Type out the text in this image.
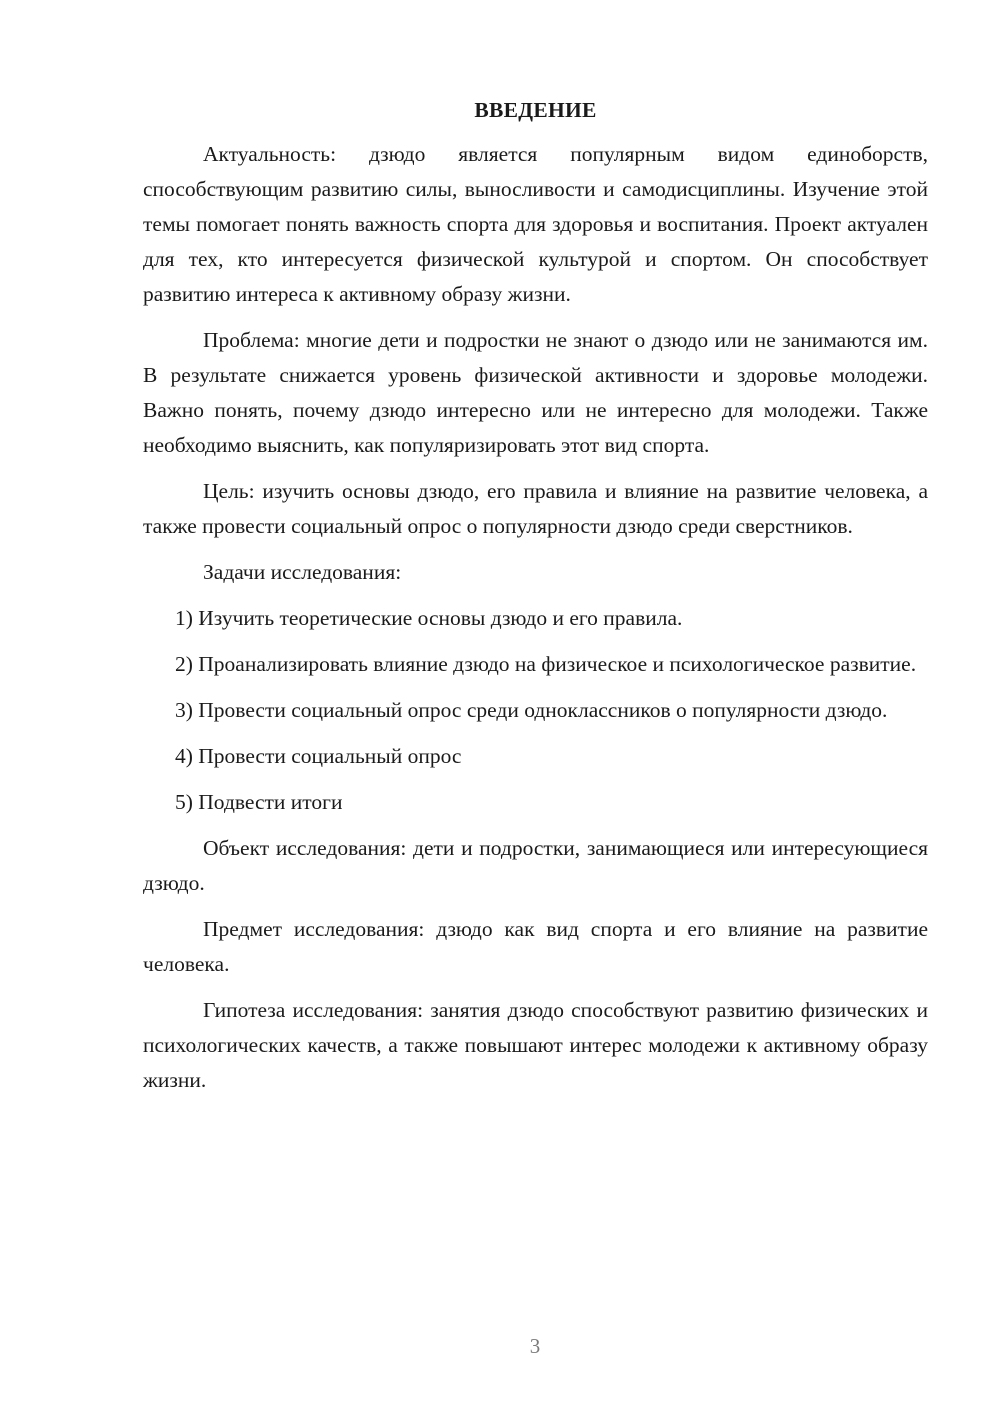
ВВЕДЕНИЕ

Актуальность: дзюдо является популярным видом единоборств, способствующим развитию силы, выносливости и самодисциплины. Изучение этой темы помогает понять важность спорта для здоровья и воспитания. Проект актуален для тех, кто интересуется физической культурой и спортом. Он способствует развитию интереса к активному образу жизни.

Проблема: многие дети и подростки не знают о дзюдо или не занимаются им. В результате снижается уровень физической активности и здоровье молодежи. Важно понять, почему дзюдо интересно или не интересно для молодежи. Также необходимо выяснить, как популяризировать этот вид спорта.

Цель: изучить основы дзюдо, его правила и влияние на развитие человека, а также провести социальный опрос о популярности дзюдо среди сверстников.

Задачи исследования:

1) Изучить теоретические основы дзюдо и его правила.

2) Проанализировать влияние дзюдо на физическое и психологическое развитие.

3) Провести социальный опрос среди одноклассников о популярности дзюдо.

4) Провести социальный опрос

5) Подвести итоги

Объект исследования: дети и подростки, занимающиеся или интересующиеся дзюдо.

Предмет исследования: дзюдо как вид спорта и его влияние на развитие человека.

Гипотеза исследования: занятия дзюдо способствуют развитию физических и психологических качеств, а также повышают интерес молодежи к активному образу жизни.

3
